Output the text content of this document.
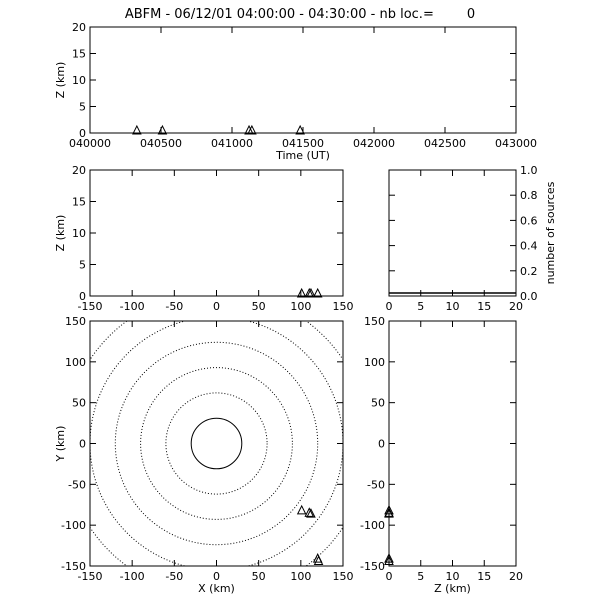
ABFM - 06/12/01 04:00:00 - 04:30:00 - nb loc.=        0
040000	040500	041000	041500	042000	042500	043000
0
5
10
15
20
Time (UT)
Z (km)
-150 -100 -50	0	50 100 150
0
5
10
15
20
Z (km)
0 5 10 15 20
0.0
0.2
0.4
0.6
0.8
1.0
number of sources
-150 -100 -50	0	50 100 150
-150
-100
-50
0
50
100
150
X (km)
Y (km)
0 5 10 15 20
-150
-100
-50
0
50
100
150
Z (km)
